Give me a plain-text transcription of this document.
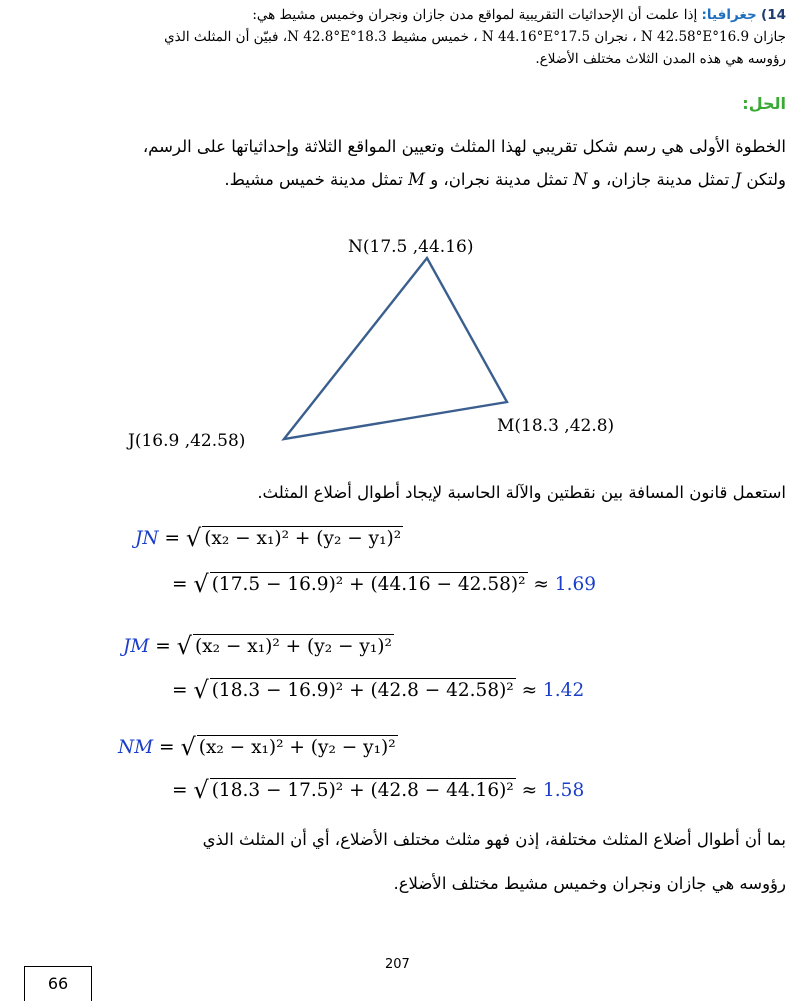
14) جغرافيا: إذا علمت أن الإحداثيات التقريبية لمواقع مدن جازان ونجران وخميس مشيط هي:
جازان 16.9°N 42.58°E ، نجران 17.5°N 44.16°E ، خميس مشيط 18.3°N 42.8°E، فبيّن أن المثلث الذي
رؤوسه هي هذه المدن الثلاث مختلف الأضلاع.
الحل:
الخطوة الأولى هي رسم شكل تقريبي لهذا المثلث وتعيين المواقع الثلاثة وإحداثياتها على الرسم،
ولتكن J تمثل مدينة جازان، و N تمثل مدينة نجران، و M تمثل مدينة خميس مشيط.
N(17.5 ,44.16)
J(16.9 ,42.58)
M(18.3 ,42.8)
استعمل قانون المسافة بين نقطتين والآلة الحاسبة لإيجاد أطوال أضلاع المثلث.
JN = √ (x₂ − x₁)² + (y₂ − y₁)²
= √ (17.5 − 16.9)² + (44.16 − 42.58)² ≈ 1.69
JM = √ (x₂ − x₁)² + (y₂ − y₁)²
= √ (18.3 − 16.9)² + (42.8 − 42.58)² ≈ 1.42
NM = √ (x₂ − x₁)² + (y₂ − y₁)²
= √ (18.3 − 17.5)² + (42.8 − 44.16)² ≈ 1.58
بما أن أطوال أضلاع المثلث مختلفة، إذن فهو مثلث مختلف الأضلاع، أي أن المثلث الذي
رؤوسه هي جازان ونجران وخميس مشيط مختلف الأضلاع.
207
66
